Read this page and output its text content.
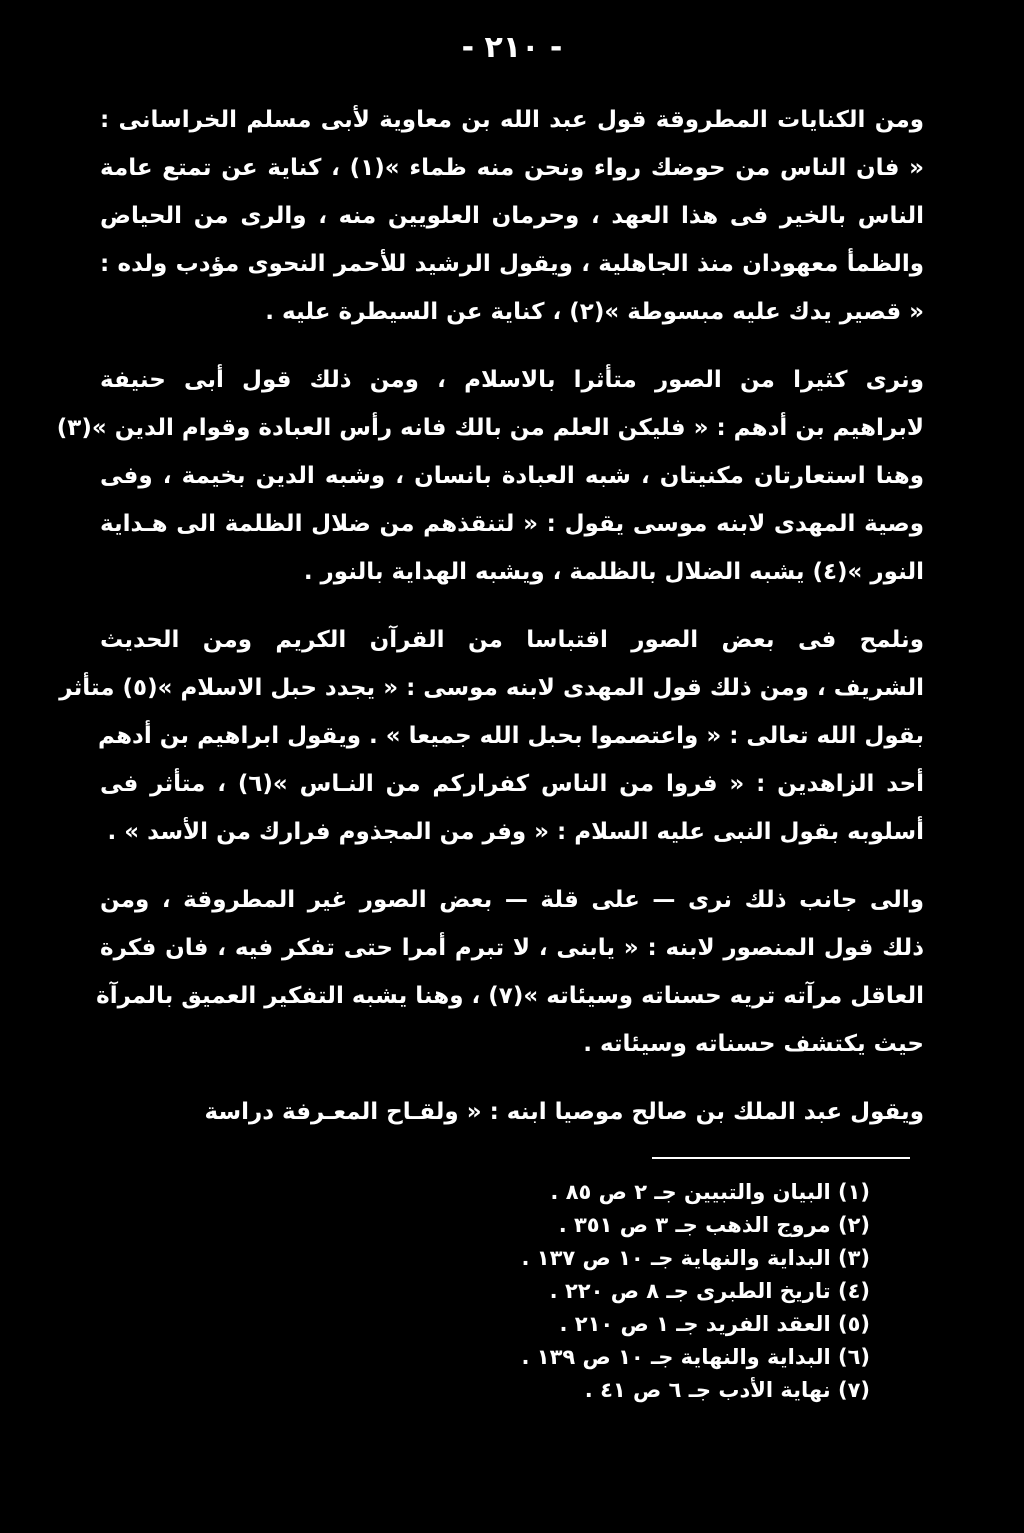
- ٢١٠ -
ومن الكنايات المطروقة قول عبد الله بن معاوية لأبى مسلم الخراسانى :
« فان الناس من حوضك رواء ونحن منه ظماء »(١) ، كناية عن تمتع عامة
الناس بالخير فى هذا العهد ، وحرمان العلويين منه ، والرى من الحياض
والظمأ معهودان منذ الجاهلية ، ويقول الرشيد للأحمر النحوى مؤدب ولده :
« قصير يدك عليه مبسوطة »(٢) ، كناية عن السيطرة عليه .
ونرى كثيرا من الصور متأثرا بالاسلام ، ومن ذلك قول أبى حنيفة
لابراهيم بن أدهم : « فليكن العلم من بالك فانه رأس العبادة وقوام الدين »(٣)
وهنا استعارتان مكنيتان ، شبه العبادة بانسان ، وشبه الدين بخيمة ، وفى
وصية المهدى لابنه موسى يقول : « لتنقذهم من ضلال الظلمة الى هـداية
النور »(٤) يشبه الضلال بالظلمة ، ويشبه الهداية بالنور .
ونلمح فى بعض الصور اقتباسا من القرآن الكريم ومن الحديث
الشريف ، ومن ذلك قول المهدى لابنه موسى : « يجدد حبل الاسلام »(٥) متأثر
بقول الله تعالى : « واعتصموا بحبل الله جميعا » . ويقول ابراهيم بن أدهم
أحد الزاهدين : « فروا من الناس كفراركم من النـاس »(٦) ، متأثر فى
أسلوبه بقول النبى عليه السلام : « وفر من المجذوم فرارك من الأسد » .
والى جانب ذلك نرى — على قلة — بعض الصور غير المطروقة ، ومن
ذلك قول المنصور لابنه : « يابنى ، لا تبرم أمرا حتى تفكر فيه ، فان فكرة
العاقل مرآته تريه حسناته وسيئاته »(٧) ، وهنا يشبه التفكير العميق بالمرآة
حيث يكتشف حسناته وسيئاته .
ويقول عبد الملك بن صالح موصيا ابنه : « ولقـاح المعـرفة دراسة
(١) البيان والتبيين جـ ٢ ص ٨٥ .
(٢) مروج الذهب جـ ٣ ص ٣٥١ .
(٣) البداية والنهاية جـ ١٠ ص ١٣٧ .
(٤) تاريخ الطبرى جـ ٨ ص ٢٢٠ .
(٥) العقد الفريد جـ ١ ص ٢١٠ .
(٦) البداية والنهاية جـ ١٠ ص ١٣٩ .
(٧) نهاية الأدب جـ ٦ ص ٤١ .
